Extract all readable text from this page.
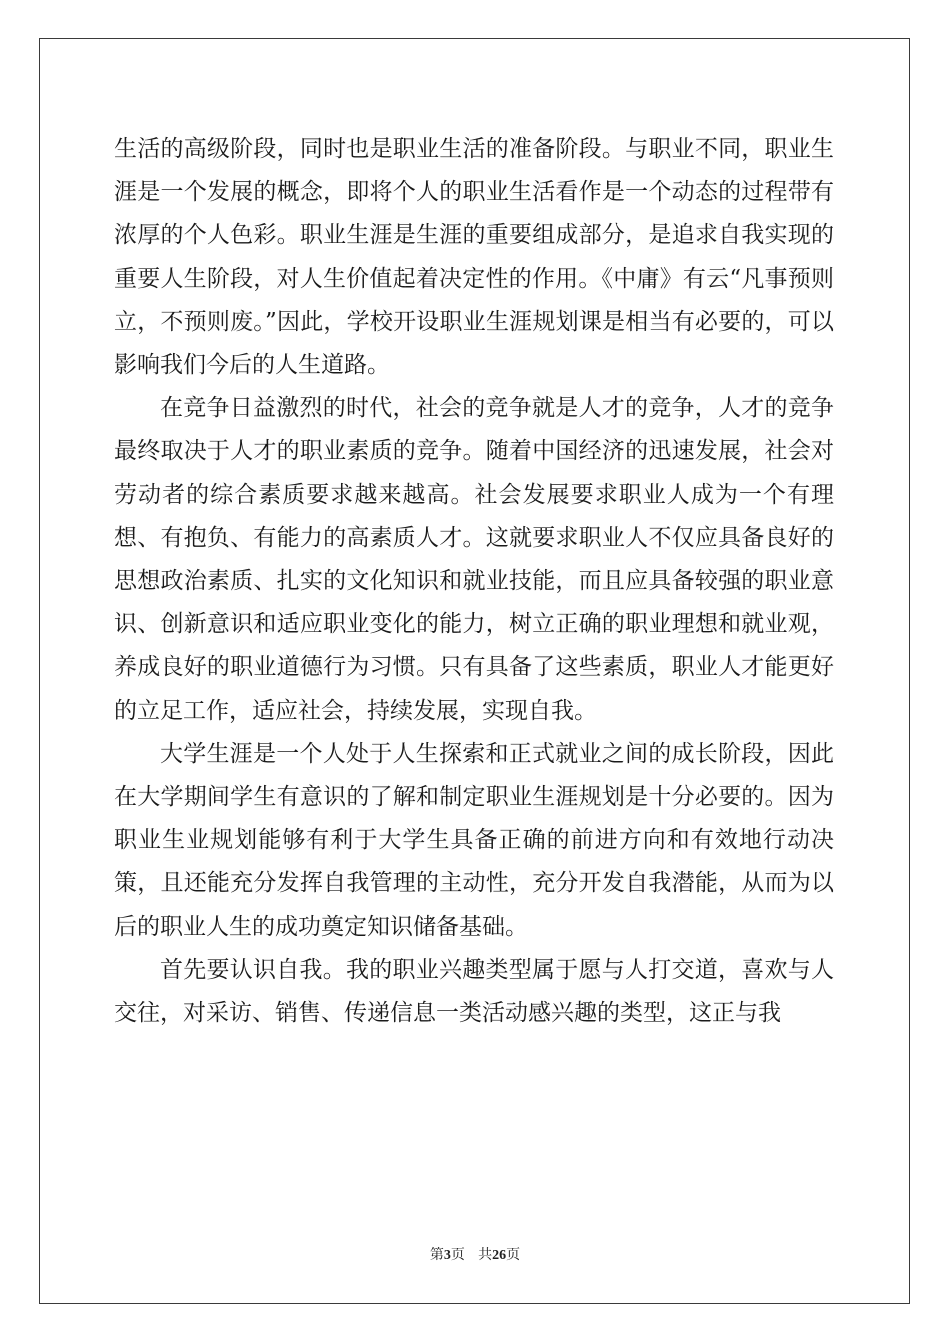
生活的高级阶段，同时也是职业生活的准备阶段。与职业不同，职业生涯是一个发展的概念，即将个人的职业生活看作是一个动态的过程带有浓厚的个人色彩。职业生涯是生涯的重要组成部分，是追求自我实现的重要人生阶段，对人生价值起着决定性的作用。《中庸》有云“凡事预则立，不预则废。”因此，学校开设职业生涯规划课是相当有必要的，可以影响我们今后的人生道路。

在竞争日益激烈的时代，社会的竞争就是人才的竞争，人才的竞争最终取决于人才的职业素质的竞争。随着中国经济的迅速发展，社会对劳动者的综合素质要求越来越高。社会发展要求职业人成为一个有理想、有抱负、有能力的高素质人才。这就要求职业人不仅应具备良好的思想政治素质、扎实的文化知识和就业技能，而且应具备较强的职业意识、创新意识和适应职业变化的能力，树立正确的职业理想和就业观，养成良好的职业道德行为习惯。只有具备了这些素质，职业人才能更好的立足工作，适应社会，持续发展，实现自我。

大学生涯是一个人处于人生探索和正式就业之间的成长阶段，因此在大学期间学生有意识的了解和制定职业生涯规划是十分必要的。因为职业生业规划能够有利于大学生具备正确的前进方向和有效地行动决策，且还能充分发挥自我管理的主动性，充分开发自我潜能，从而为以后的职业人生的成功奠定知识储备基础。

首先要认识自我。我的职业兴趣类型属于愿与人打交道，喜欢与人交往，对采访、销售、传递信息一类活动感兴趣的类型，这正与我

第3页 共26页
